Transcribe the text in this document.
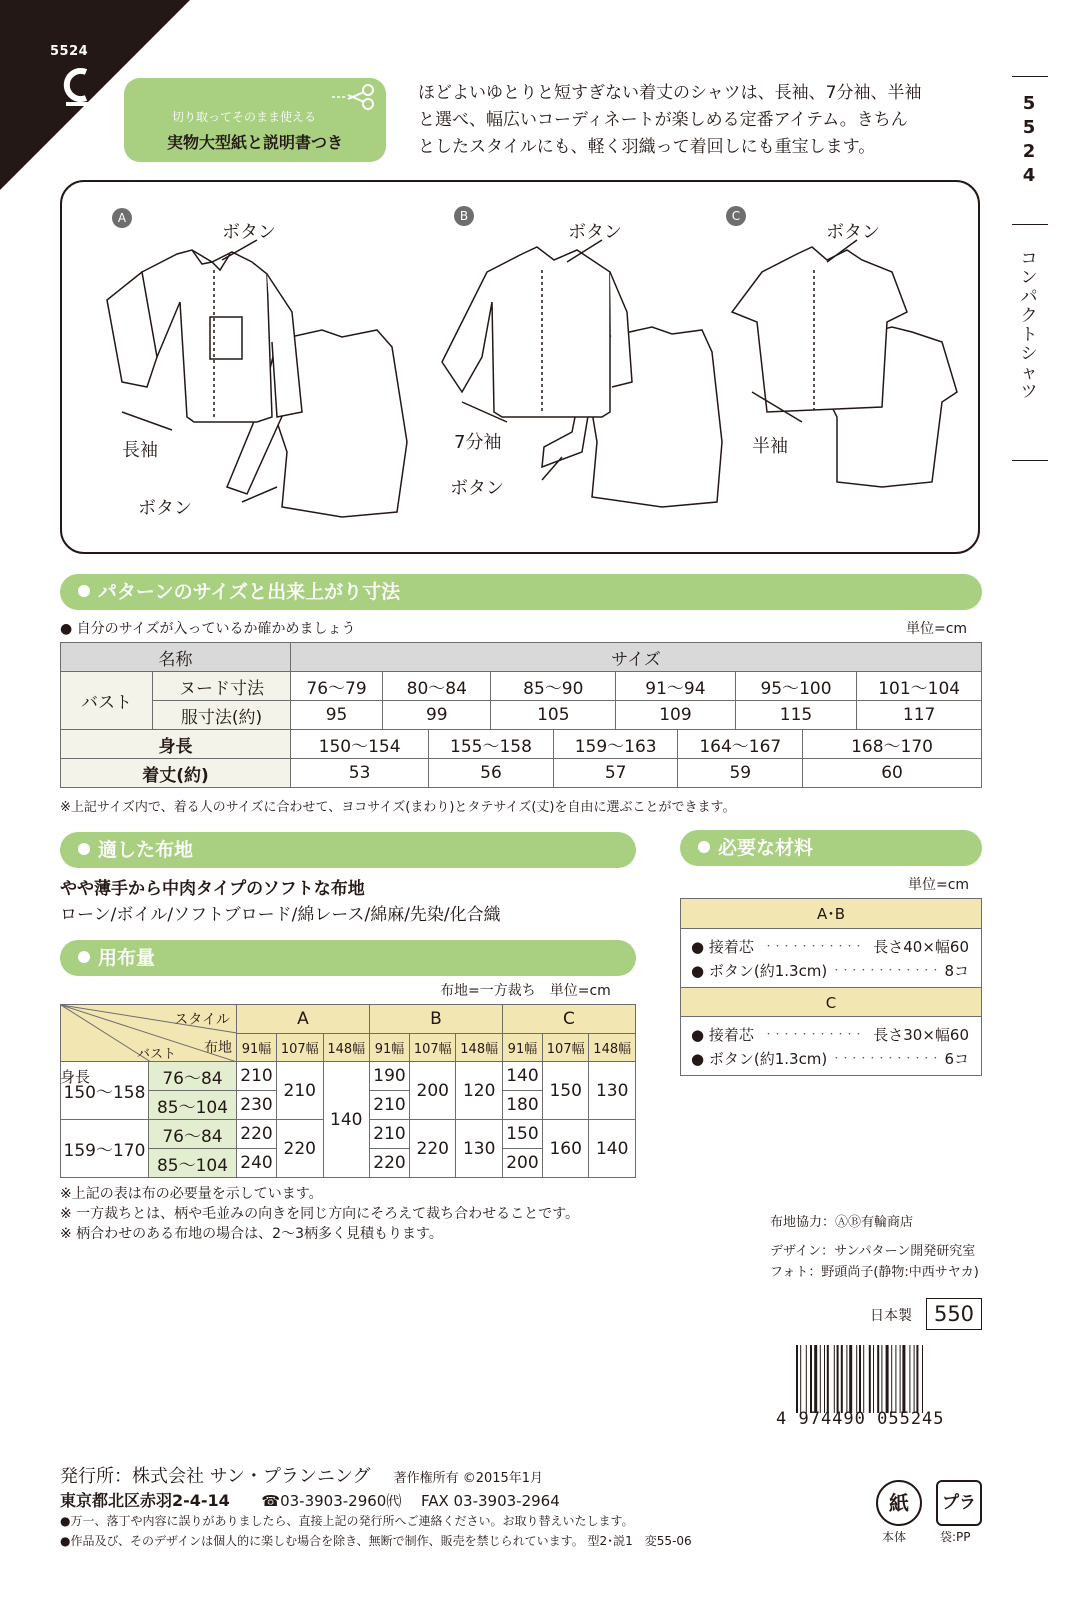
5524
切り取ってそのまま使える
実物大型紙と説明書つき

ほどよいゆとりと短すぎない着丈のシャツは、長袖、7分袖、半袖

と選べ、幅広いコーディネートが楽しめる定番アイテム。きちん

としたスタイルにも、軽く羽織って着回しにも重宝します。

5
5
2
4
コ
ン
パ
ク
ト
シ
ャ
ツ
A
ボタン
長袖
ボタン
B
ボタン
7分袖
ボタン
C
ボタン
半袖
パターンのサイズと出来上がり寸法
● 自分のサイズが入っているか確かめましょう	単位=cm
名称		サイズ									
バスト	ヌード寸法	76〜79	80〜84		85〜90		91〜94		95〜100		101〜104
	服寸法(約)	95	99		105		109		115		117
身長		150〜154		155〜158		159〜163		164〜167		168〜170	
着丈(約)		53		56		57		59		60	
※上記サイズ内で、着る人のサイズに合わせて、ヨコサイズ(まわり)とタテサイズ(丈)を自由に選ぶことができます。
適した布地
やや薄手から中肉タイプのソフトな布地
ローン/ボイル/ソフトブロード/綿レース/綿麻/先染/化合織
用布量
布地=一方裁ち　単位=cm
スタイル
布地
バスト		A			B			C		
		91幅	107幅	148幅	91幅	107幅	148幅	91幅	107幅	148幅
150〜158	76〜84	210	210	140	190	200	120	140	150	130
	85〜104	230			210			180		
159〜170	76〜84	220	220		210	220	130	150	160	140
	85〜104	240			220			200		
身長
※上記の表は布の必要量を示しています。
※ 一方裁ちとは、柄や毛並みの向きを同じ方向にそろえて裁ち合わせることです。
※ 柄合わせのある布地の場合は、2〜3柄多く見積もります。
必要な材料
単位=cm
A･B
● 接着芯 ・・・・・・・・・・・ 長さ40×幅60
● ボタン(約1.3cm) ・・・・・・・・・・・・ 8コ
C
● 接着芯 ・・・・・・・・・・・ 長さ30×幅60
● ボタン(約1.3cm) ・・・・・・・・・・・・ 6コ
布地協力：ⒶⒷ有輪商店
デザイン：サンパターン開発研究室
フォト：野頭尚子(静物:中西サヤカ)
日本製	550
4 974490 055245
発行所：株式会社 サン・プランニング 著作権所有 ©2015年1月
東京都北区赤羽2-4-14 ☎03-3903-2960㈹ FAX 03-3903-2964
●万一、落丁や内容に誤りがありましたら、直接上記の発行所へご連絡ください。お取り替えいたします。
●作品及び、そのデザインは個人的に楽しむ場合を除き、無断で制作、販売を禁じられています。 型2･説1　変55-06
紙
本体
プラ
袋:PP
